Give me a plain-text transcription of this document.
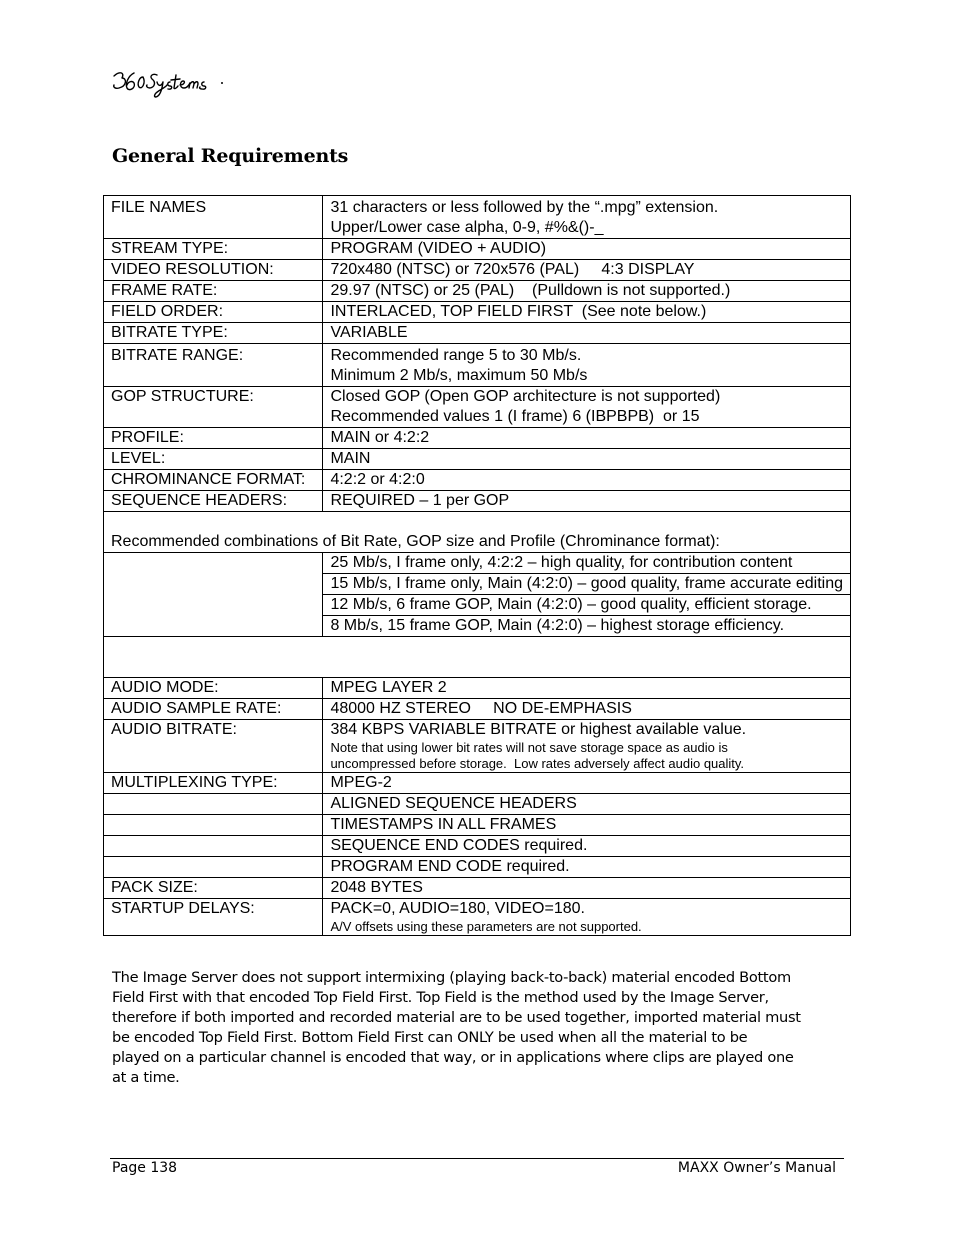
General Requirements
FILE NAMES	31 characters or less followed by the “.mpg” extension.
Upper/Lower case alpha, 0-9, #%&()-_

STREAM TYPE:	PROGRAM (VIDEO + AUDIO)
VIDEO RESOLUTION:	720x480 (NTSC) or 720x576 (PAL)     4:3 DISPLAY
FRAME RATE:	29.97 (NTSC) or 25 (PAL)    (Pulldown is not supported.)
FIELD ORDER:	INTERLACED, TOP FIELD FIRST  (See note below.)
BITRATE TYPE:	VARIABLE
BITRATE RANGE:	Recommended range 5 to 30 Mb/s.
Minimum 2 Mb/s, maximum 50 Mb/s

GOP STRUCTURE:	Closed GOP (Open GOP architecture is not supported)
Recommended values 1 (I frame) 6 (IBPBPB)  or 15

PROFILE:	MAIN or 4:2:2
LEVEL:	MAIN
CHROMINANCE FORMAT:	4:2:2 or 4:2:0
SEQUENCE HEADERS:	REQUIRED – 1 per GOP
Recommended combinations of Bit Rate, GOP size and Profile (Chrominance format):	
	25 Mb/s, I frame only, 4:2:2 – high quality, for contribution content
	15 Mb/s, I frame only, Main (4:2:0) – good quality, frame accurate editing
	12 Mb/s, 6 frame GOP, Main (4:2:0) – good quality, efficient storage.
	8 Mb/s, 15 frame GOP, Main (4:2:0) – highest storage efficiency.

AUDIO MODE:	MPEG LAYER 2
AUDIO SAMPLE RATE:	48000 HZ STEREO     NO DE-EMPHASIS
AUDIO BITRATE:	384 KBPS VARIABLE BITRATE or highest available value.
Note that using lower bit rates will not save storage space as audio is
uncompressed before storage.  Low rates adversely affect audio quality.

MULTIPLEXING TYPE:	MPEG-2
	ALIGNED SEQUENCE HEADERS
	TIMESTAMPS IN ALL FRAMES
	SEQUENCE END CODES required.
	PROGRAM END CODE required.
PACK SIZE:	2048 BYTES
STARTUP DELAYS:	PACK=0, AUDIO=180, VIDEO=180.
A/V offsets using these parameters are not supported.
The Image Server does not support intermixing (playing back-to-back) material encoded Bottom
Field First with that encoded Top Field First. Top Field is the method used by the Image Server,
therefore if both imported and recorded material are to be used together, imported material must
be encoded Top Field First. Bottom Field First can ONLY be used when all the material to be
played on a particular channel is encoded that way, or in applications where clips are played one
at a time.
Page 138	MAXX Owner’s Manual
